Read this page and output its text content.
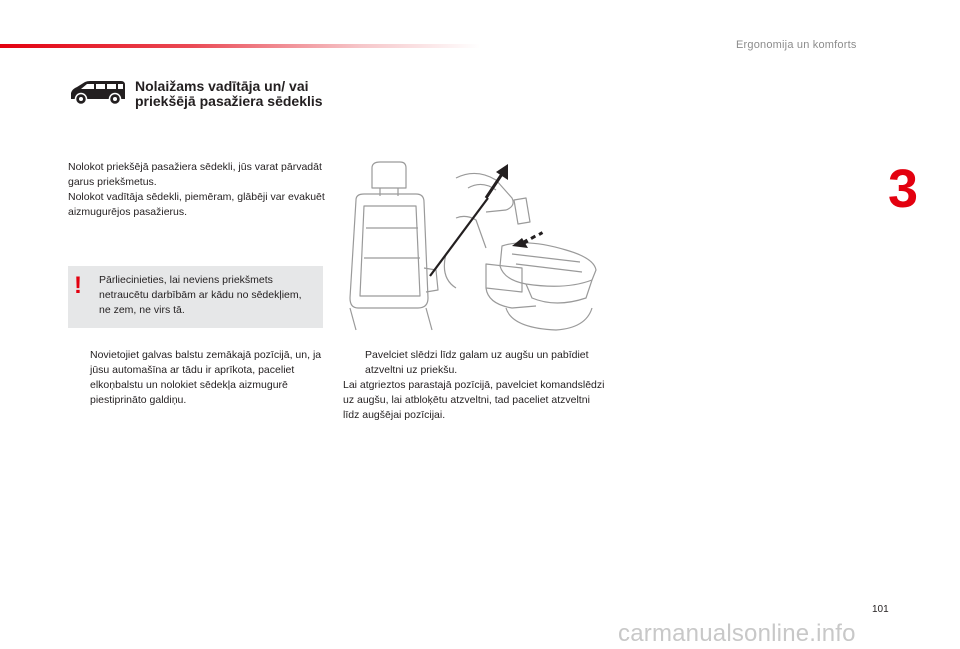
Ergonomija un komforts
3
Nolaižams vadītāja un/ vai priekšējā pasažiera sēdeklis

Nolokot priekšējā pasažiera sēdekli, jūs varat pārvadāt garus priekšmetus.

Nolokot vadītāja sēdekli, piemēram, glābēji var evakuēt aizmugurējos pasažierus.

! Pārliecinieties, lai neviens priekšmets netraucētu darbībām ar kādu no sēdekļiem, ne zem, ne virs tā.
Novietojiet galvas balstu zemākajā pozīcijā, un, ja jūsu automašīna ar tādu ir aprīkota, paceliet elkoņbalstu un nolokiet sēdekļa aizmugurē piestiprināto galdiņu.
Pavelciet slēdzi līdz galam uz augšu un pabīdiet atzveltni uz priekšu.

Lai atgrieztos parastajā pozīcijā, pavelciet komandslēdzi uz augšu, lai atbloķētu atzveltni, tad paceliet atzveltni līdz augšējai pozīcijai.

101
carmanualsonline.info
